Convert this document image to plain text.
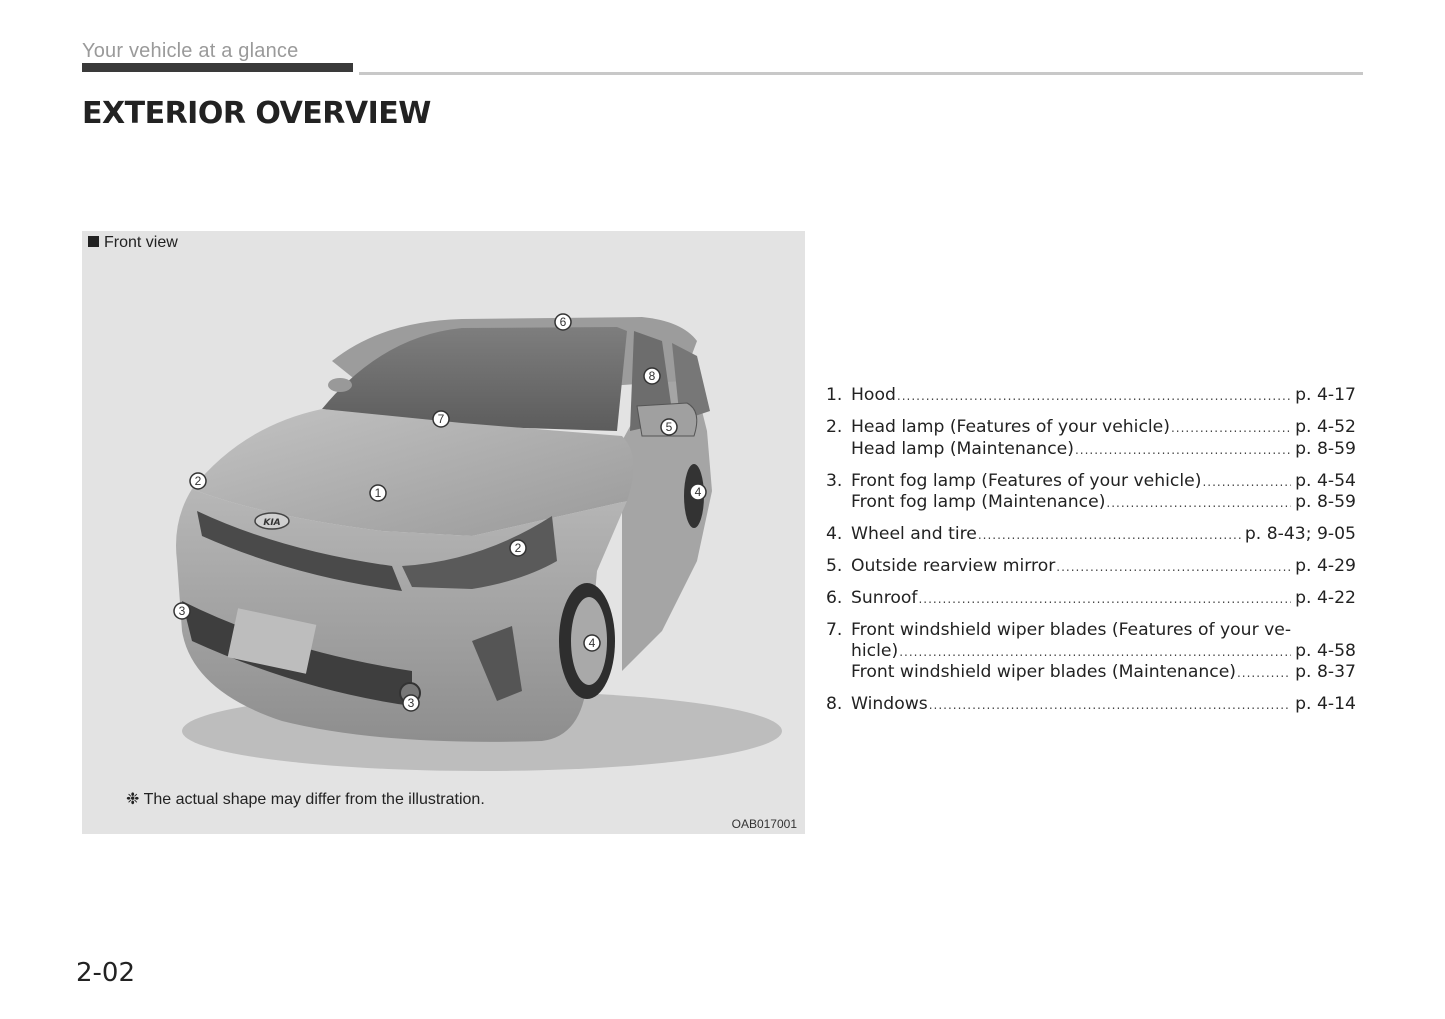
Your vehicle at a glance
EXTERIOR OVERVIEW
Front view
KIA
1
2
2
3
3
4
4
5
6
7
8
❉ The actual shape may differ from the illustration.
OAB017001
1. Hood .....	p. 4-17
2. Head lamp (Features of your vehicle) .....	p. 4-52
Head lamp (Maintenance) .....	p. 8-59
3. Front fog lamp (Features of your vehicle) .....	p. 4-54
Front fog lamp (Maintenance) .....	p. 8-59
4. Wheel and tire .....	p. 8-43; 9-05
5. Outside rearview mirror .....	p. 4-29
6. Sunroof .....	p. 4-22
7. Front windshield wiper blades (Features of your ve-
hicle) .....	p. 4-58
Front windshield wiper blades (Maintenance) .....	p. 8-37
8. Windows .....	p. 4-14
2-02
